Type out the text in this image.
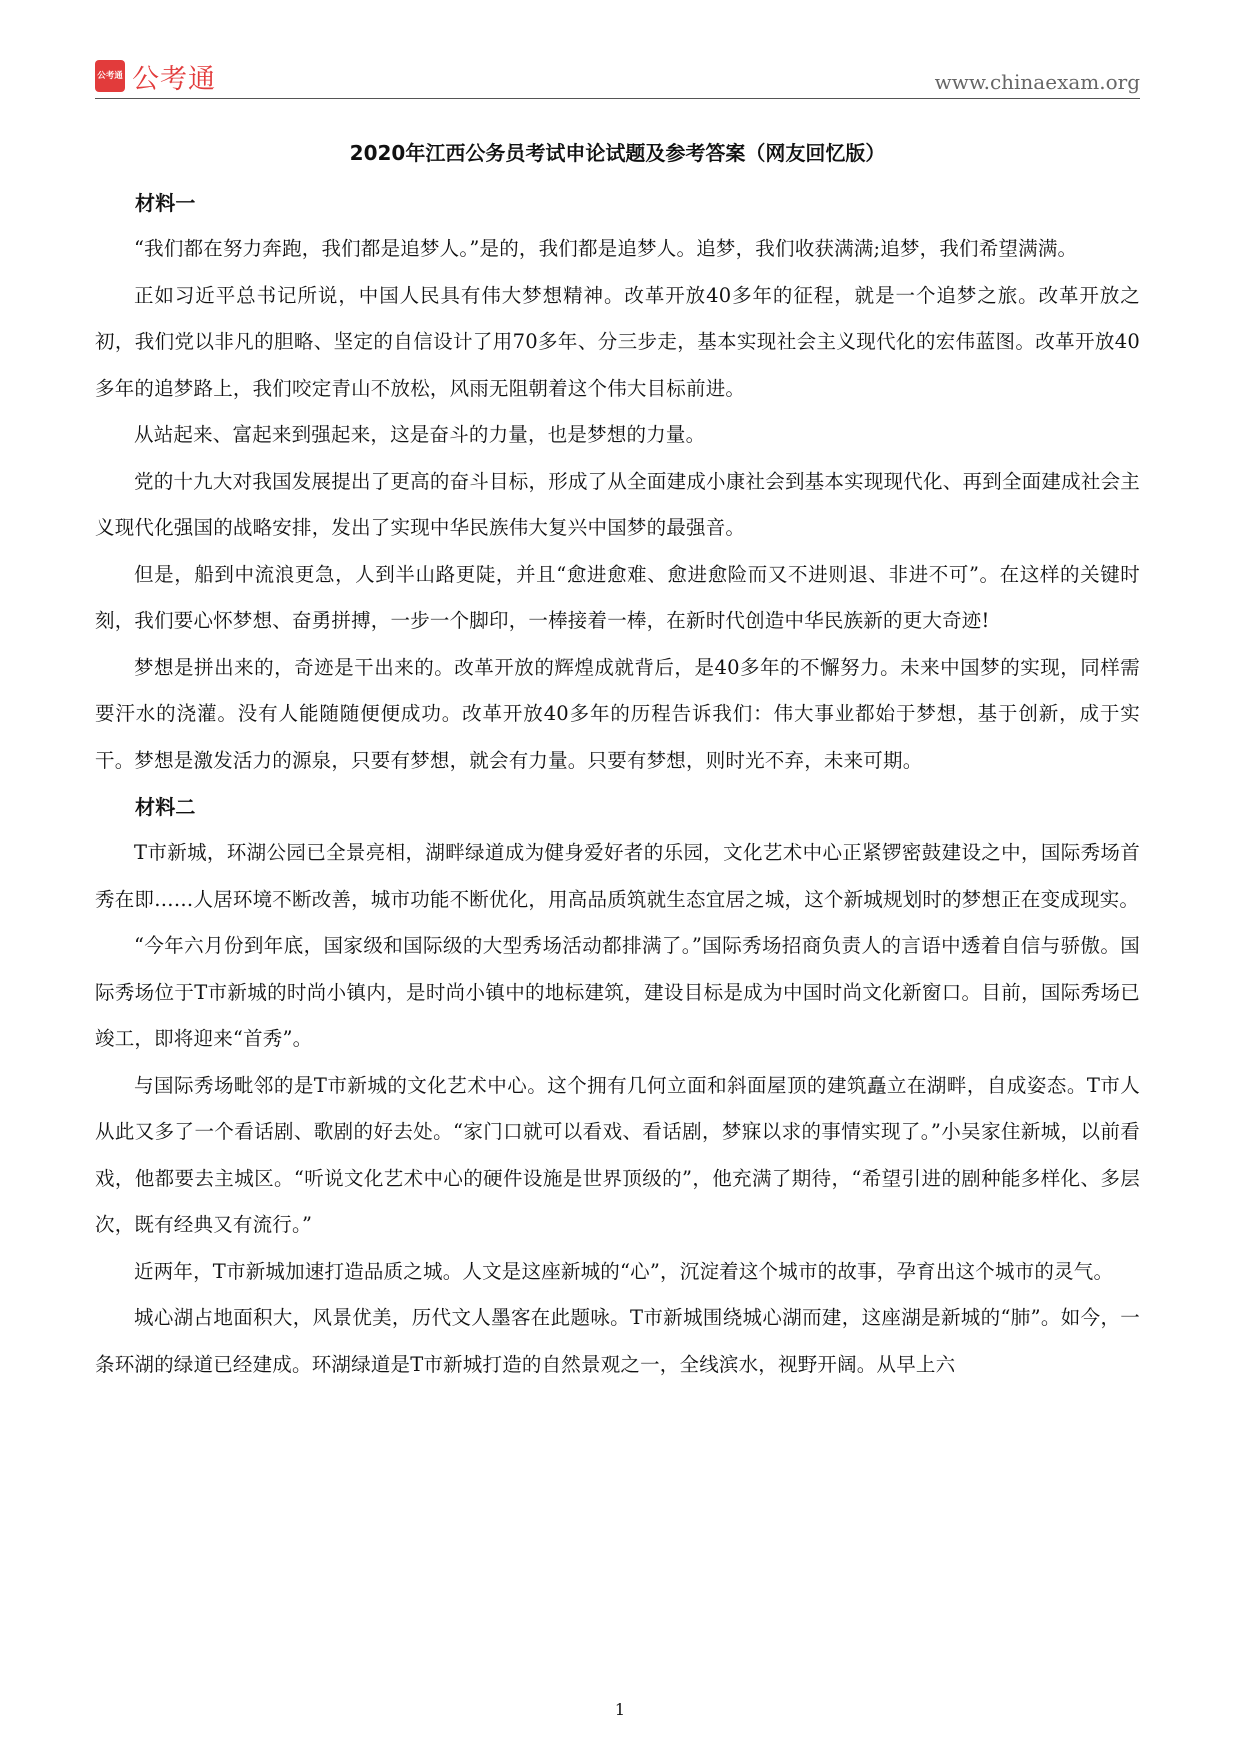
公考通 公考通	www.chinaexam.org
2020年江西公务员考试申论试题及参考答案（网友回忆版）
材料一

“我们都在努力奔跑，我们都是追梦人。”是的，我们都是追梦人。追梦，我们收获满满;追梦，我们希望满满。

正如习近平总书记所说，中国人民具有伟大梦想精神。改革开放40多年的征程，就是一个追梦之旅。改革开放之初，我们党以非凡的胆略、坚定的自信设计了用70多年、分三步走，基本实现社会主义现代化的宏伟蓝图。改革开放40多年的追梦路上，我们咬定青山不放松，风雨无阻朝着这个伟大目标前进。

从站起来、富起来到强起来，这是奋斗的力量，也是梦想的力量。

党的十九大对我国发展提出了更高的奋斗目标，形成了从全面建成小康社会到基本实现现代化、再到全面建成社会主义现代化强国的战略安排，发出了实现中华民族伟大复兴中国梦的最强音。

但是，船到中流浪更急，人到半山路更陡，并且“愈进愈难、愈进愈险而又不进则退、非进不可”。在这样的关键时刻，我们要心怀梦想、奋勇拼搏，一步一个脚印，一棒接着一棒，在新时代创造中华民族新的更大奇迹!

梦想是拼出来的，奇迹是干出来的。改革开放的辉煌成就背后，是40多年的不懈努力。未来中国梦的实现，同样需要汗水的浇灌。没有人能随随便便成功。改革开放40多年的历程告诉我们：伟大事业都始于梦想，基于创新，成于实干。梦想是激发活力的源泉，只要有梦想，就会有力量。只要有梦想，则时光不弃，未来可期。

材料二

T市新城，环湖公园已全景亮相，湖畔绿道成为健身爱好者的乐园，文化艺术中心正紧锣密鼓建设之中，国际秀场首秀在即……人居环境不断改善，城市功能不断优化，用高品质筑就生态宜居之城，这个新城规划时的梦想正在变成现实。

“今年六月份到年底，国家级和国际级的大型秀场活动都排满了。”国际秀场招商负责人的言语中透着自信与骄傲。国际秀场位于T市新城的时尚小镇内，是时尚小镇中的地标建筑，建设目标是成为中国时尚文化新窗口。目前，国际秀场已竣工，即将迎来“首秀”。

与国际秀场毗邻的是T市新城的文化艺术中心。这个拥有几何立面和斜面屋顶的建筑矗立在湖畔，自成姿态。T市人从此又多了一个看话剧、歌剧的好去处。“家门口就可以看戏、看话剧，梦寐以求的事情实现了。”小吴家住新城，以前看戏，他都要去主城区。“听说文化艺术中心的硬件设施是世界顶级的”，他充满了期待，“希望引进的剧种能多样化、多层次，既有经典又有流行。”

近两年，T市新城加速打造品质之城。人文是这座新城的“心”，沉淀着这个城市的故事，孕育出这个城市的灵气。

城心湖占地面积大，风景优美，历代文人墨客在此题咏。T市新城围绕城心湖而建，这座湖是新城的“肺”。如今，一条环湖的绿道已经建成。环湖绿道是T市新城打造的自然景观之一，全线滨水，视野开阔。从早上六

1
